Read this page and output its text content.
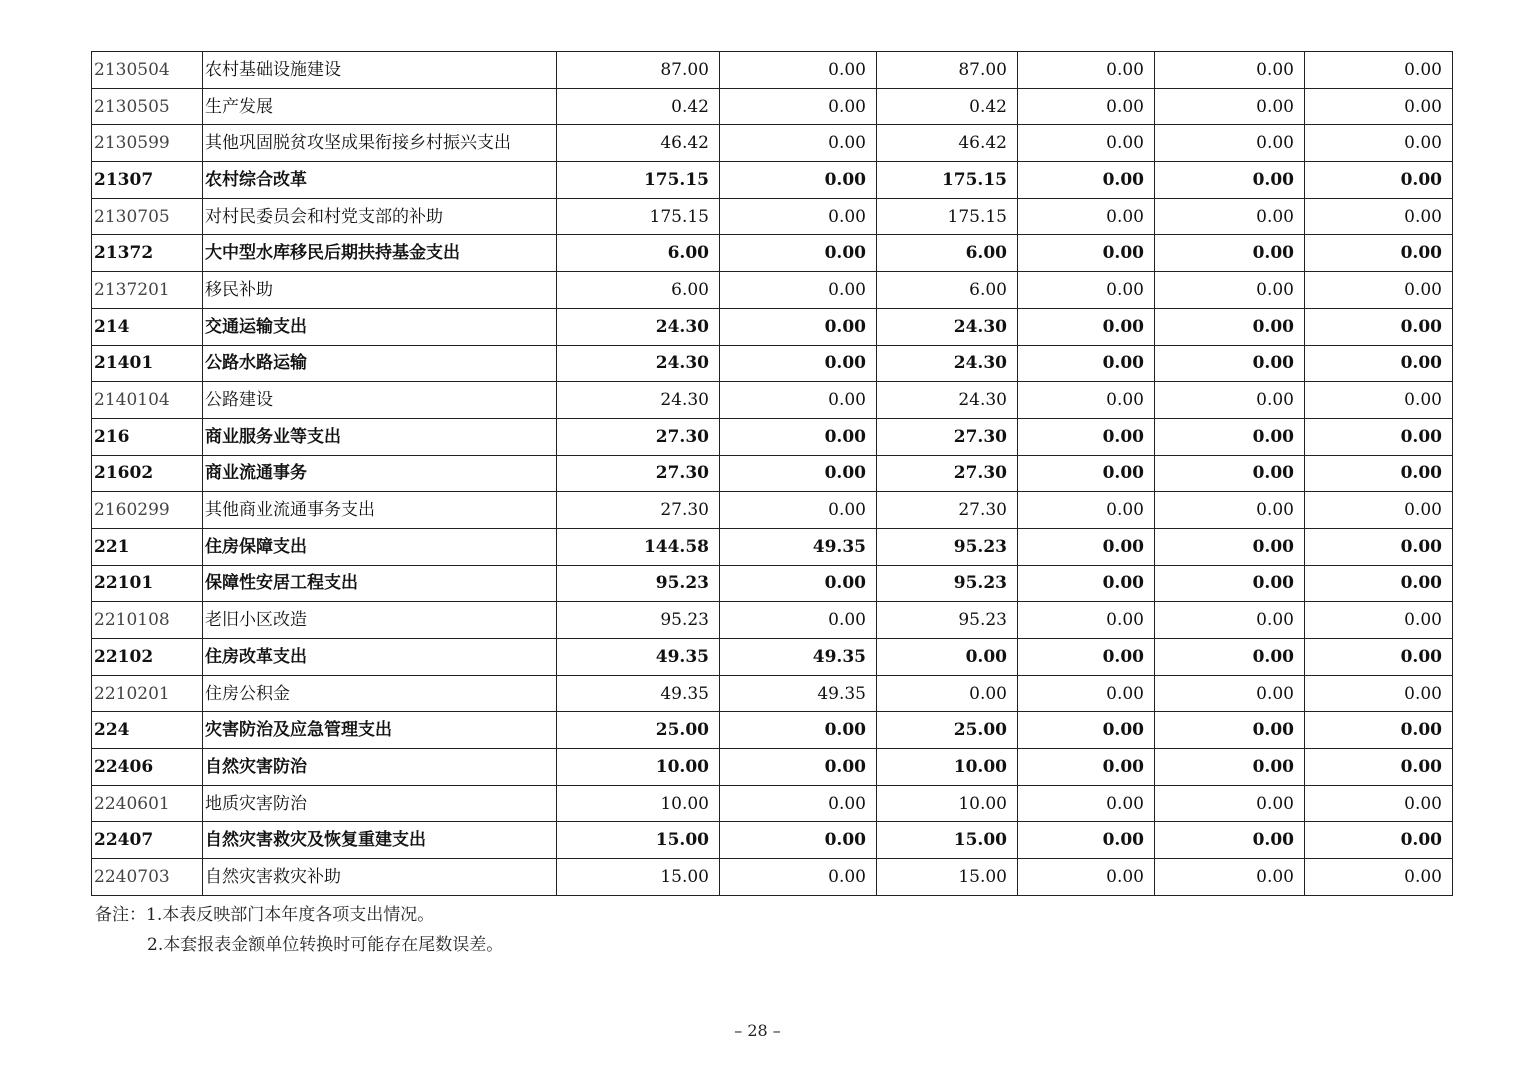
2130504	农村基础设施建设	87.00	0.00	87.00	0.00	0.00	0.00
2130505	生产发展	0.42	0.00	0.42	0.00	0.00	0.00
2130599	其他巩固脱贫攻坚成果衔接乡村振兴支出	46.42	0.00	46.42	0.00	0.00	0.00
21307	农村综合改革	175.15	0.00	175.15	0.00	0.00	0.00
2130705	对村民委员会和村党支部的补助	175.15	0.00	175.15	0.00	0.00	0.00
21372	大中型水库移民后期扶持基金支出	6.00	0.00	6.00	0.00	0.00	0.00
2137201	移民补助	6.00	0.00	6.00	0.00	0.00	0.00
214	交通运输支出	24.30	0.00	24.30	0.00	0.00	0.00
21401	公路水路运输	24.30	0.00	24.30	0.00	0.00	0.00
2140104	公路建设	24.30	0.00	24.30	0.00	0.00	0.00
216	商业服务业等支出	27.30	0.00	27.30	0.00	0.00	0.00
21602	商业流通事务	27.30	0.00	27.30	0.00	0.00	0.00
2160299	其他商业流通事务支出	27.30	0.00	27.30	0.00	0.00	0.00
221	住房保障支出	144.58	49.35	95.23	0.00	0.00	0.00
22101	保障性安居工程支出	95.23	0.00	95.23	0.00	0.00	0.00
2210108	老旧小区改造	95.23	0.00	95.23	0.00	0.00	0.00
22102	住房改革支出	49.35	49.35	0.00	0.00	0.00	0.00
2210201	住房公积金	49.35	49.35	0.00	0.00	0.00	0.00
224	灾害防治及应急管理支出	25.00	0.00	25.00	0.00	0.00	0.00
22406	自然灾害防治	10.00	0.00	10.00	0.00	0.00	0.00
2240601	地质灾害防治	10.00	0.00	10.00	0.00	0.00	0.00
22407	自然灾害救灾及恢复重建支出	15.00	0.00	15.00	0.00	0.00	0.00
2240703	自然灾害救灾补助	15.00	0.00	15.00	0.00	0.00	0.00
备注：1.本表反映部门本年度各项支出情况。
2.本套报表金额单位转换时可能存在尾数误差。
– 28 –
